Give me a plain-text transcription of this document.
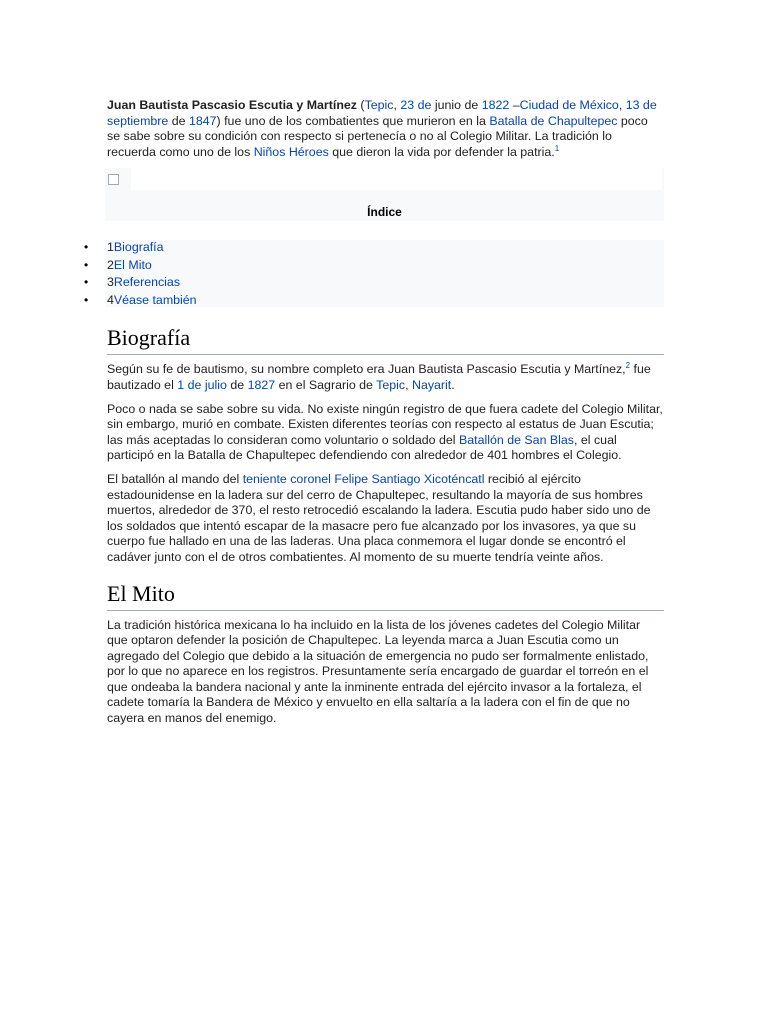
Juan Bautista Pascasio Escutia y Martínez (Tepic, 23 de junio de 1822 –Ciudad de México, 13 de septiembre de 1847) fue uno de los combatientes que murieron en la Batalla de Chapultepec poco se sabe sobre su condición con respecto si pertenecía o no al Colegio Militar. La tradición lo recuerda como uno de los Niños Héroes que dieron la vida por defender la patria.$^1$

Índice
• 1Biografía
• 2El Mito
• 3Referencias
• 4Véase también
Biografía

Según su fe de bautismo, su nombre completo era Juan Bautista Pascasio Escutia y Martínez,$^2$ fue bautizado el 1 de julio de 1827 en el Sagrario de Tepic, Nayarit.

Poco o nada se sabe sobre su vida. No existe ningún registro de que fuera cadete del Colegio Militar, sin embargo, murió en combate. Existen diferentes teorías con respecto al estatus de Juan Escutia; las más aceptadas lo consideran como voluntario o soldado del Batallón de San Blas, el cual participó en la Batalla de Chapultepec defendiendo con alrededor de 401 hombres el Colegio.

El batallón al mando del teniente coronel Felipe Santiago Xicoténcatl recibió al ejército estadounidense en la ladera sur del cerro de Chapultepec, resultando la mayoría de sus hombres muertos, alrededor de 370, el resto retrocedió escalando la ladera. Escutia pudo haber sido uno de los soldados que intentó escapar de la masacre pero fue alcanzado por los invasores, ya que su cuerpo fue hallado en una de las laderas. Una placa conmemora el lugar donde se encontró el cadáver junto con el de otros combatientes. Al momento de su muerte tendría veinte años.

El Mito

La tradición histórica mexicana lo ha incluido en la lista de los jóvenes cadetes del Colegio Militar que optaron defender la posición de Chapultepec. La leyenda marca a Juan Escutia como un agregado del Colegio que debido a la situación de emergencia no pudo ser formalmente enlistado, por lo que no aparece en los registros. Presuntamente sería encargado de guardar el torreón en el que ondeaba la bandera nacional y ante la inminente entrada del ejército invasor a la fortaleza, el cadete tomaría la Bandera de México y envuelto en ella saltaría a la ladera con el fin de que no cayera en manos del enemigo.
